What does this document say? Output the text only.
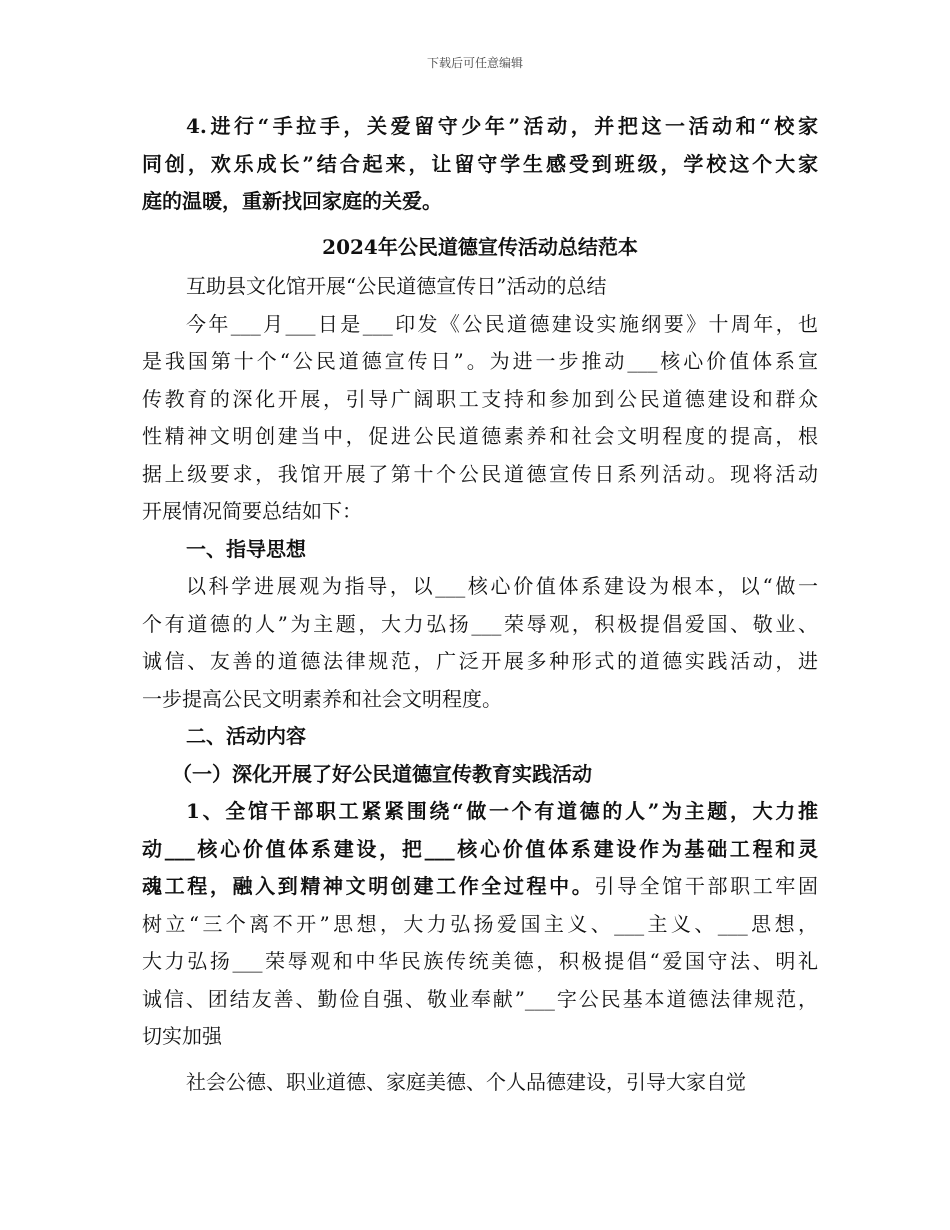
下载后可任意编辑
4.进行“手拉手，关爱留守少年”活动，并把这一活动和“校家
同创，欢乐成长”结合起来，让留守学生感受到班级，学校这个大家
庭的温暖，重新找回家庭的关爱。
2024年公民道德宣传活动总结范本
互助县文化馆开展“公民道德宣传日”活动的总结
今年___月___日是___印发《公民道德建设实施纲要》十周年，也
是我国第十个“公民道德宣传日”。为进一步推动___核心价值体系宣
传教育的深化开展，引导广阔职工支持和参加到公民道德建设和群众
性精神文明创建当中，促进公民道德素养和社会文明程度的提高，根
据上级要求，我馆开展了第十个公民道德宣传日系列活动。现将活动
开展情况简要总结如下：
一、指导思想
以科学进展观为指导，以___核心价值体系建设为根本，以“做一
个有道德的人”为主题，大力弘扬___荣辱观，积极提倡爱国、敬业、
诚信、友善的道德法律规范，广泛开展多种形式的道德实践活动，进
一步提高公民文明素养和社会文明程度。
二、活动内容
（一）深化开展了好公民道德宣传教育实践活动
1、全馆干部职工紧紧围绕“做一个有道德的人”为主题，大力推
动___核心价值体系建设，把___核心价值体系建设作为基础工程和灵
魂工程，融入到精神文明创建工作全过程中。引导全馆干部职工牢固
树立“三个离不开”思想，大力弘扬爱国主义、___主义、___思想，
大力弘扬___荣辱观和中华民族传统美德，积极提倡“爱国守法、明礼
诚信、团结友善、勤俭自强、敬业奉献”___字公民基本道德法律规范，
切实加强
社会公德、职业道德、家庭美德、个人品德建设，引导大家自觉
